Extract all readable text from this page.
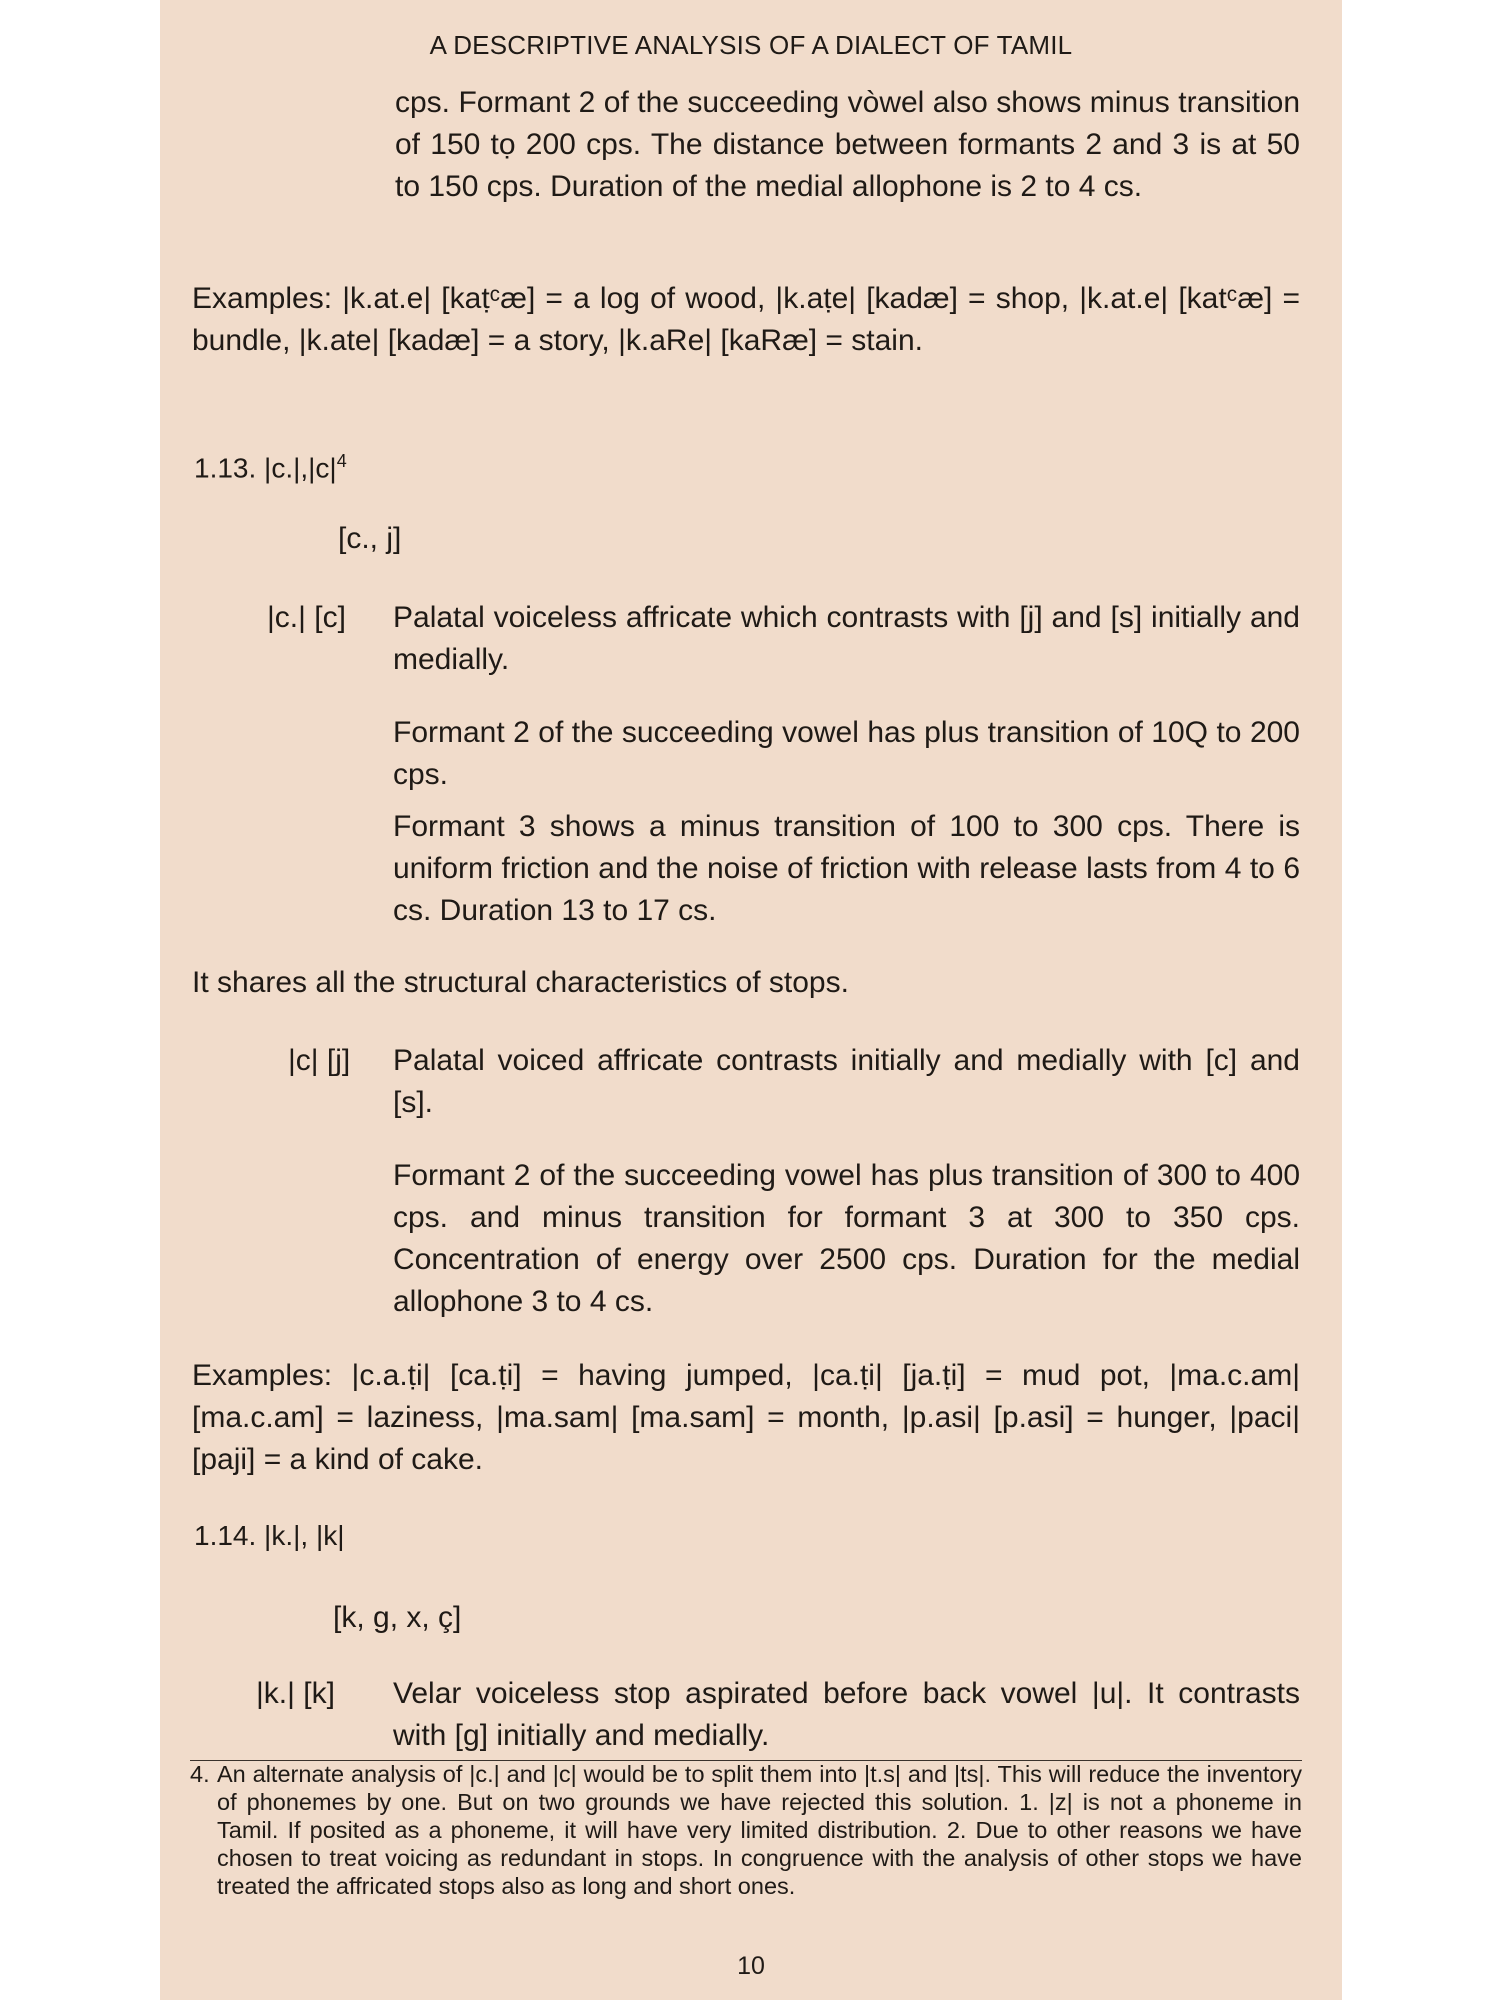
A DESCRIPTIVE ANALYSIS OF A DIALECT OF TAMIL

cps. Formant 2 of the succeeding vòwel also shows minus transition of 150 tọ 200 cps. The distance between formants 2 and 3 is at 50 to 150 cps. Duration of the medial allophone is 2 to 4 cs.

Examples: |k.at.e| [kaṭᶜæ] = a log of wood, |k.aṭe| [kadæ] = shop, |k.at.e| [katᶜæ] = bundle, |k.ate| [kadæ] = a story, |k.aRe| [kaRæ] = stain.

1.13. $|c.|,|c|^4$
[c., j]
|c.| [c] Palatal voiceless affricate which contrasts with [j] and [s] initially and medially.

Formant 2 of the succeeding vowel has plus transition of 10Q to 200 cps.

Formant 3 shows a minus transition of 100 to 300 cps. There is uniform friction and the noise of friction with release lasts from 4 to 6 cs. Duration 13 to 17 cs.

It shares all the structural characteristics of stops.

|c| [j] Palatal voiced affricate contrasts initially and medially with [c] and [s].

Formant 2 of the succeeding vowel has plus transition of 300 to 400 cps. and minus transition for formant 3 at 300 to 350 cps. Concentration of energy over 2500 cps. Duration for the medial allophone 3 to 4 cs.

Examples: |c.a.ṭi| [ca.ṭi] = having jumped, |ca.ṭi| [ja.ṭi] = mud pot, |ma.c.am| [ma.c.am] = laziness, |ma.sam| [ma.sam] = month, |p.asi| [p.asi] = hunger, |paci| [paji] = a kind of cake.

1.14. |k.|, |k|
[k, g, x, ç]
|k.| [k] Velar voiceless stop aspirated before back vowel |u|. It contrasts with [g] initially and medially.

4. An alternate analysis of |c.| and |c| would be to split them into |t.s| and |ts|. This will reduce the inventory of phonemes by one. But on two grounds we have rejected this solution. 1. |z| is not a phoneme in Tamil. If posited as a phoneme, it will have very limited distribution. 2. Due to other reasons we have chosen to treat voicing as redundant in stops. In congruence with the analysis of other stops we have treated the affricated stops also as long and short ones.
10
